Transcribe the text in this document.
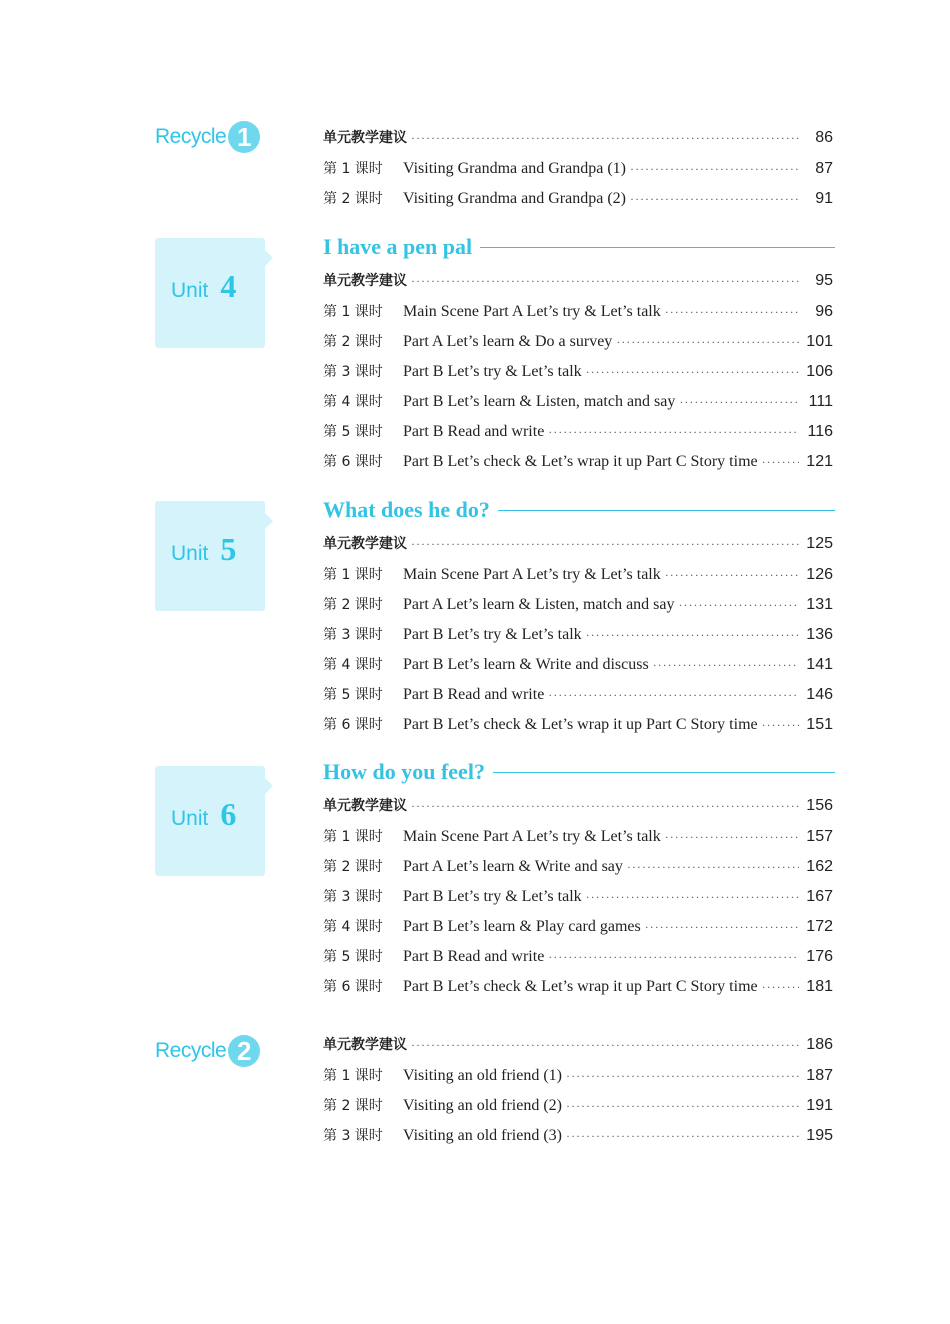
Recycle 1	单元教学建议 ·····	86
第 1 课时	Visiting Grandma and Grandpa (1) ·····	87
第 2 课时	Visiting Grandma and Grandpa (2) ·····	91
Unit 4
I have a pen pal
单元教学建议 ·····	95
第 1 课时	Main Scene Part A Let’s try & Let’s talk ·····	96
第 2 课时	Part A Let’s learn & Do a survey ·····	101
第 3 课时	Part B Let’s try & Let’s talk ·····	106
第 4 课时	Part B Let’s learn & Listen, match and say ·····	111
第 5 课时	Part B Read and write ·····	116
第 6 课时	Part B Let’s check & Let’s wrap it up Part C Story time ·····	121
Unit 5
What does he do?
单元教学建议 ·····	125
第 1 课时	Main Scene Part A Let’s try & Let’s talk ·····	126
第 2 课时	Part A Let’s learn & Listen, match and say ·····	131
第 3 课时	Part B Let’s try & Let’s talk ·····	136
第 4 课时	Part B Let’s learn & Write and discuss ·····	141
第 5 课时	Part B Read and write ·····	146
第 6 课时	Part B Let’s check & Let’s wrap it up Part C Story time ·····	151
Unit 6
How do you feel?
单元教学建议 ·····	156
第 1 课时	Main Scene Part A Let’s try & Let’s talk ·····	157
第 2 课时	Part A Let’s learn & Write and say ·····	162
第 3 课时	Part B Let’s try & Let’s talk ·····	167
第 4 课时	Part B Let’s learn & Play card games ·····	172
第 5 课时	Part B Read and write ·····	176
第 6 课时	Part B Let’s check & Let’s wrap it up Part C Story time ·····	181
Recycle 2	单元教学建议 ·····	186
第 1 课时	Visiting an old friend (1) ·····	187
第 2 课时	Visiting an old friend (2) ·····	191
第 3 课时	Visiting an old friend (3) ·····	195
